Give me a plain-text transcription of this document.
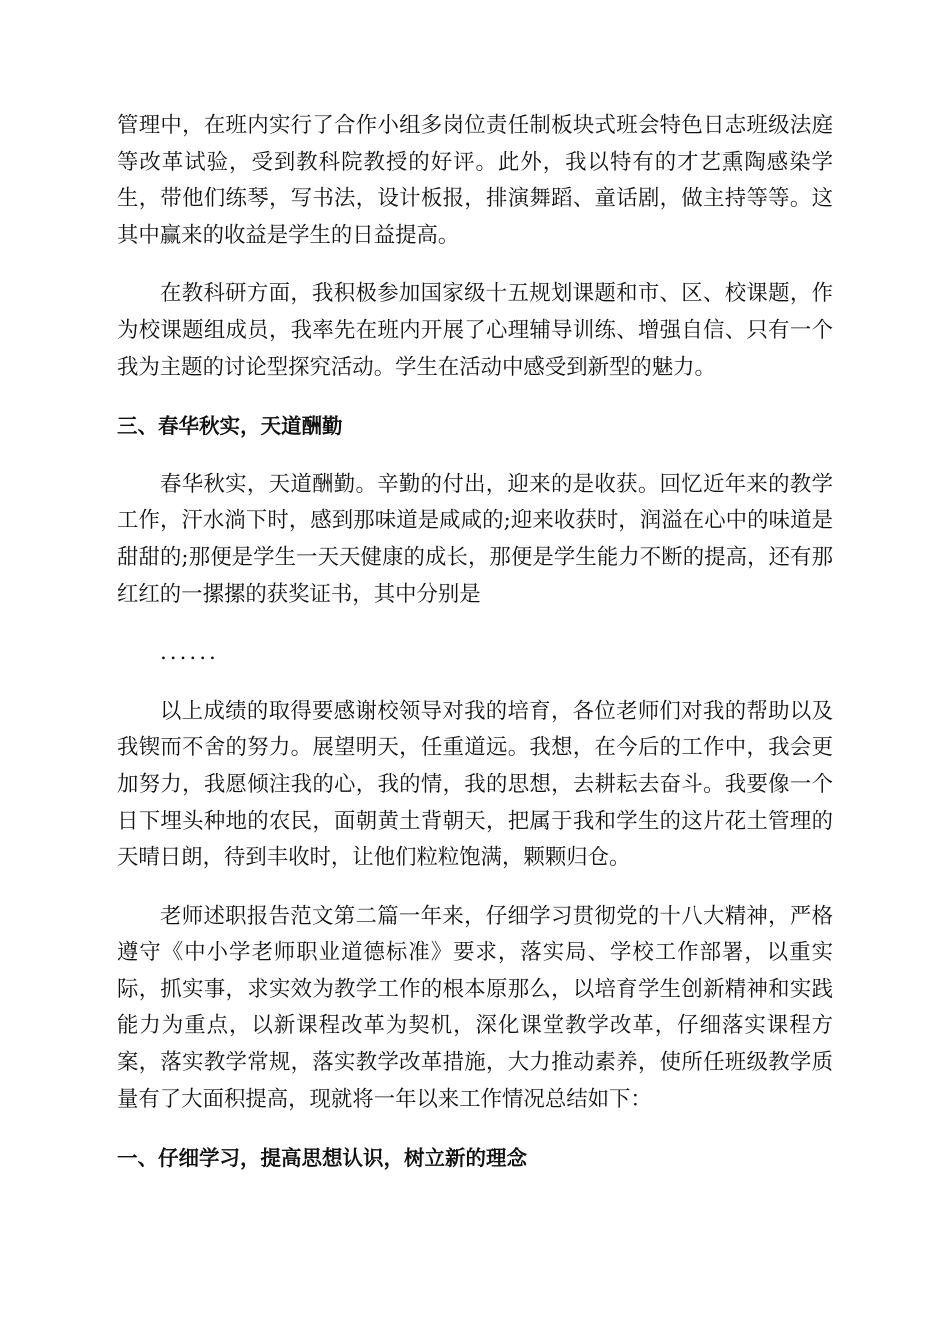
管理中，在班内实行了合作小组多岗位责任制板块式班会特色日志班级法庭等改革试验，受到教科院教授的好评。此外，我以特有的才艺熏陶感染学生，带他们练琴，写书法，设计板报，排演舞蹈、童话剧，做主持等等。这其中赢来的收益是学生的日益提高。

在教科研方面，我积极参加国家级十五规划课题和市、区、校课题，作为校课题组成员，我率先在班内开展了心理辅导训练、增强自信、只有一个我为主题的讨论型探究活动。学生在活动中感受到新型的魅力。

三、春华秋实，天道酬勤

春华秋实，天道酬勤。辛勤的付出，迎来的是收获。回忆近年来的教学工作，汗水淌下时，感到那味道是咸咸的;迎来收获时，润溢在心中的味道是甜甜的;那便是学生一天天健康的成长，那便是学生能力不断的提高，还有那红红的一摞摞的获奖证书，其中分别是

......

以上成绩的取得要感谢校领导对我的培育，各位老师们对我的帮助以及我锲而不舍的努力。展望明天，任重道远。我想，在今后的工作中，我会更加努力，我愿倾注我的心，我的情，我的思想，去耕耘去奋斗。我要像一个日下埋头种地的农民，面朝黄土背朝天，把属于我和学生的这片花土管理的天晴日朗，待到丰收时，让他们粒粒饱满，颗颗归仓。

老师述职报告范文第二篇一年来，仔细学习贯彻党的十八大精神，严格遵守《中小学老师职业道德标准》要求，落实局、学校工作部署，以重实际，抓实事，求实效为教学工作的根本原那么，以培育学生创新精神和实践能力为重点，以新课程改革为契机，深化课堂教学改革，仔细落实课程方案，落实教学常规，落实教学改革措施，大力推动素养，使所任班级教学质量有了大面积提高，现就将一年以来工作情况总结如下：

一、仔细学习，提高思想认识，树立新的理念
